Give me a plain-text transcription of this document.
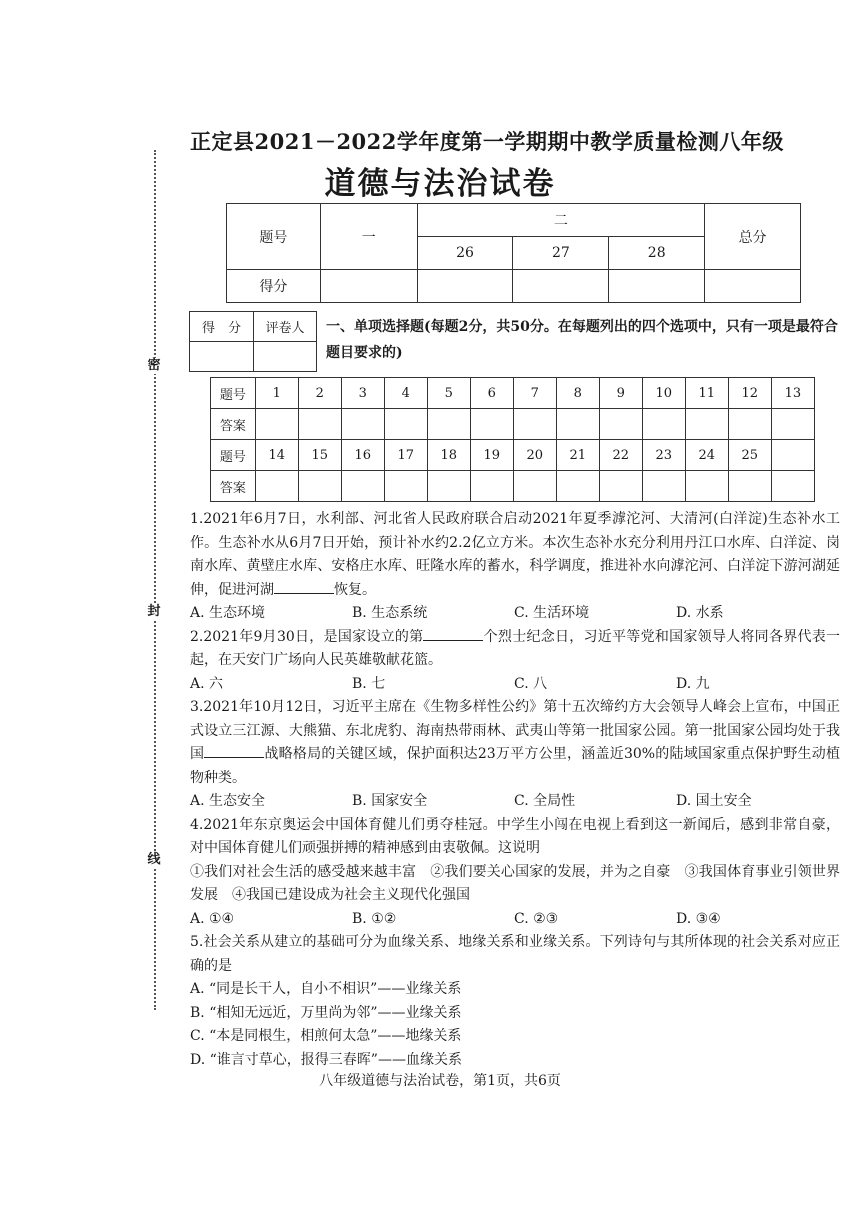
密
封
线
正定县2021－2022学年度第一学期期中教学质量检测八年级
道德与法治试卷
题号	一	二			总分
		26	27	28	
得分					
得　分	评卷人
	一、单项选择题(每题2分，共50分。在每题列出的四个选项中，只有一项是最符合题目要求的)
题号	1	2	3	4	5	6	7	8	9	10	11	12	13
答案													
题号	14	15	16	17	18	19	20	21	22	23	24	25	
答案													
1.2021年6月7日，水利部、河北省人民政府联合启动2021年夏季滹沱河、大清河(白洋淀)生态补水工作。生态补水从6月7日开始，预计补水约2.2亿立方米。本次生态补水充分利用丹江口水库、白洋淀、岗南水库、黄壁庄水库、安格庄水库、旺隆水库的蓄水，科学调度，推进补水向滹沱河、白洋淀下游河湖延伸，促进河湖	恢复。
A. 生态环境	B. 生态系统	C. 生活环境	D. 水系
2.2021年9月30日，是国家设立的第	个烈士纪念日，习近平等党和国家领导人将同各界代表一起，在天安门广场向人民英雄敬献花篮。
A. 六	B. 七	C. 八	D. 九
3.2021年10月12日，习近平主席在《生物多样性公约》第十五次缔约方大会领导人峰会上宣布，中国正式设立三江源、大熊猫、东北虎豹、海南热带雨林、武夷山等第一批国家公园。第一批国家公园均处于我国	战略格局的关键区域，保护面积达23万平方公里，涵盖近30%的陆域国家重点保护野生动植物种类。
A. 生态安全	B. 国家安全	C. 全局性	D. 国土安全
4.2021年东京奥运会中国体育健儿们勇夺桂冠。中学生小闯在电视上看到这一新闻后，感到非常自豪，对中国体育健儿们顽强拼搏的精神感到由衷敬佩。这说明
①我们对社会生活的感受越来越丰富　②我们要关心国家的发展，并为之自豪　③我国体育事业引领世界发展　④我国已建设成为社会主义现代化强国
A. ①④	B. ①②	C. ②③	D. ③④
5.社会关系从建立的基础可分为血缘关系、地缘关系和业缘关系。下列诗句与其所体现的社会关系对应正确的是
A. “同是长干人，自小不相识”——业缘关系
B. “相知无远近，万里尚为邻”——业缘关系
C. “本是同根生，相煎何太急”——地缘关系
D. “谁言寸草心，报得三春晖”——血缘关系
八年级道德与法治试卷，第1页，共6页
